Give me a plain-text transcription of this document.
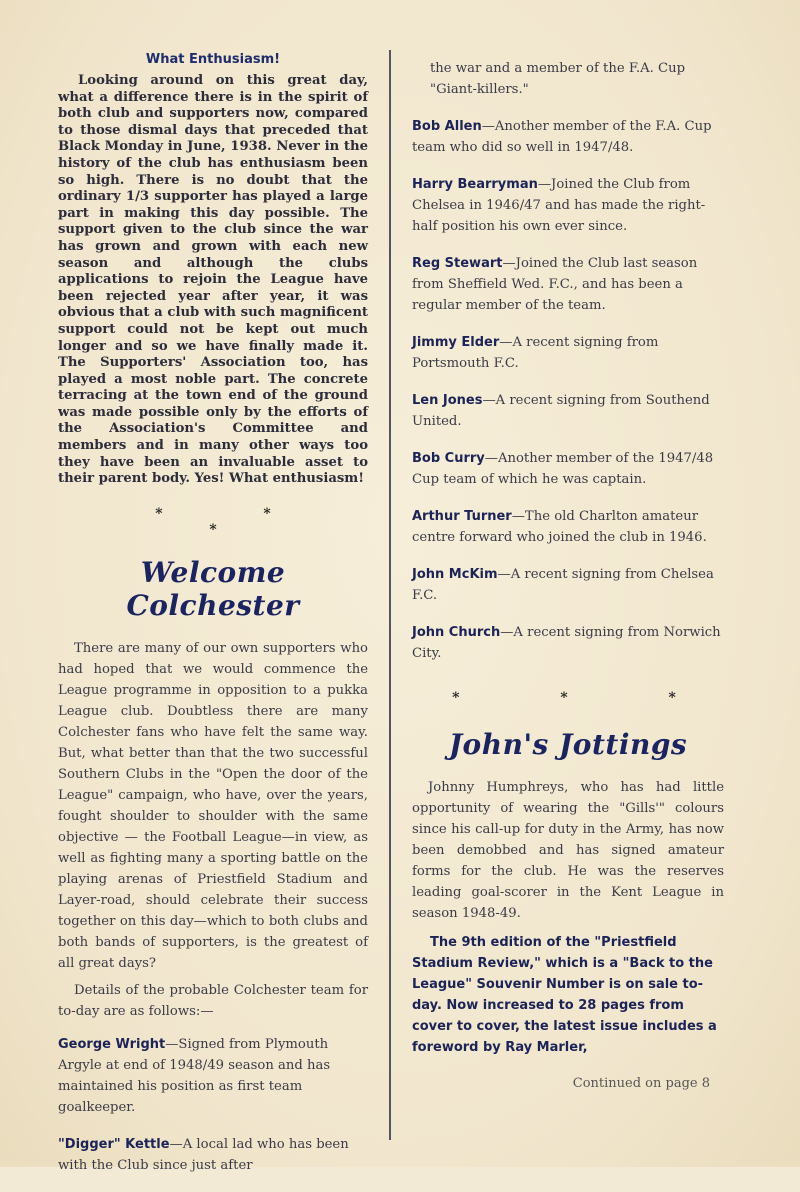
What Enthusiasm!

Looking around on this great day, what a difference there is in the spirit of both club and supporters now, compared to those dismal days that preceded that Black Monday in June, 1938. Never in the history of the club has enthusiasm been so high. There is no doubt that the ordinary 1/3 supporter has played a large part in making this day possible. The support given to the club since the war has grown and grown with each new season and although the clubs applications to rejoin the League have been rejected year after year, it was obvious that a club with such magnificent support could not be kept out much longer and so we have finally made it. The Supporters' Association too, has played a most noble part. The concrete terracing at the town end of the ground was made possible only by the efforts of the Association's Committee and members and in many other ways too they have been an invaluable asset to their parent body. Yes! What enthusiasm!

* * *
Welcome Colchester

There are many of our own supporters who had hoped that we would commence the League programme in opposition to a pukka League club. Doubtless there are many Colchester fans who have felt the same way. But, what better than that the two successful Southern Clubs in the "Open the door of the League" campaign, who have, over the years, fought shoulder to shoulder with the same objective — the Football League—in view, as well as fighting many a sporting battle on the playing arenas of Priestfield Stadium and Layer-road, should celebrate their success together on this day—which to both clubs and both bands of supporters, is the greatest of all great days?

Details of the probable Colchester team for to-day are as follows:—

George Wright—Signed from Plymouth Argyle at end of 1948/49 season and has maintained his position as first team goalkeeper.
"Digger" Kettle—A local lad who has been with the Club since just after
the war and a member of the F.A. Cup "Giant-killers."
Bob Allen—Another member of the F.A. Cup team who did so well in 1947/48.
Harry Bearryman—Joined the Club from Chelsea in 1946/47 and has made the right-half position his own ever since.
Reg Stewart—Joined the Club last season from Sheffield Wed. F.C., and has been a regular member of the team.
Jimmy Elder—A recent signing from Portsmouth F.C.
Len Jones—A recent signing from Southend United.
Bob Curry—Another member of the 1947/48 Cup team of which he was captain.
Arthur Turner—The old Charlton amateur centre forward who joined the club in 1946.
John McKim—A recent signing from Chelsea F.C.
John Church—A recent signing from Norwich City.
* * *
John's Jottings

Johnny Humphreys, who has had little opportunity of wearing the "Gills'" colours since his call-up for duty in the Army, has now been demobbed and has signed amateur forms for the club. He was the reserves leading goal-scorer in the Kent League in season 1948-49.

The 9th edition of the "Priestfield Stadium Review," which is a "Back to the League" Souvenir Number is on sale to-day. Now increased to 28 pages from cover to cover, the latest issue includes a foreword by Ray Marler,

Continued on page 8
